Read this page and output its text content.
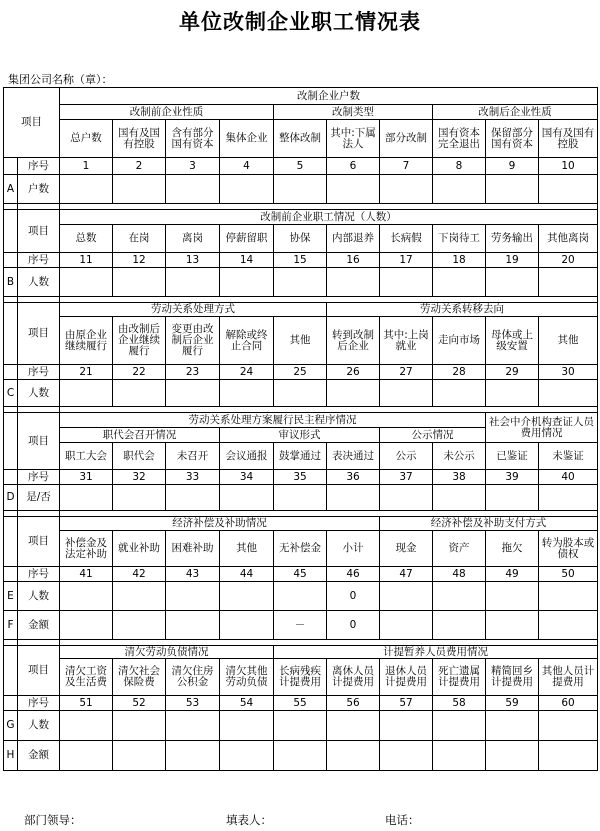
单位改制企业职工情况表
集团公司名称（章）：
项目		改制企业户数									
		改制前企业性质				改制类型			改制后企业性质		
		总户数	国有及国有控股	含有部分国有资本	集体企业	整体改制	其中:下属法人	部分改制	国有资本完全退出	保留部分国有资本	国有及国有控股
	序号	1	2	3	4	5	6	7	8	9	10
A	户数										

	项目	改制前企业职工情况（人数）									
		总数	在岗	离岗	停薪留职	协保	内部退养	长病假	下岗待工	劳务输出	其他离岗
	序号	11	12	13	14	15	16	17	18	19	20
B	人数										

	项目	劳动关系处理方式					劳动关系转移去向				
		由原企业继续履行	由改制后企业继续履行	变更由改制后企业履行	解除或终止合同	其他	转到改制后企业	其中:上岗就业	走向市场	母体或上级安置	其他
	序号	21	22	23	24	25	26	27	28	29	30
C	人数										

	项目	劳动关系处理方案履行民主程序情况								社会中介机构查证人员费用情况	
		职代会召开情况			审议形式			公示情况			
		职工大会	职代会	未召开	会议通报	鼓掌通过	表决通过	公示	未公示	已鉴证	未鉴证
	序号	31	32	33	34	35	36	37	38	39	40
D	是/否										

	项目	经济补偿及补助情况						经济补偿及补助支付方式			
		补偿金及法定补助	就业补助	困难补助	其他	无补偿金	小计	现金	资产	拖欠	转为股本或债权
	序号	41	42	43	44	45	46	47	48	49	50
E	人数						0				
F	金额					－	0				

	项目	清欠劳动负债情况				计提暂养人员费用情况					
		清欠工资及生活费	清欠社会保险费	清欠住房公积金	清欠其他劳动负债	长病残疾计提费用	离休人员计提费用	退休人员计提费用	死亡遗属计提费用	精简回乡计提费用	其他人员计提费用
	序号	51	52	53	54	55	56	57	58	59	60
G	人数										
H	金额										
部门领导：	填表人：	电话：
